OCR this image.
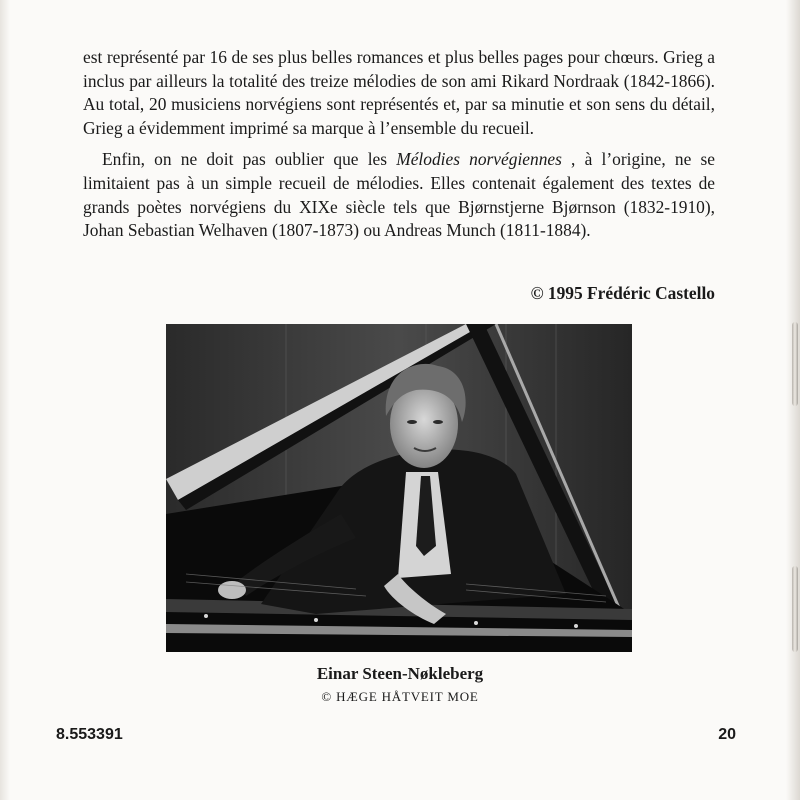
est représenté par 16 de ses plus belles romances et plus belles pages pour chœurs. Grieg a inclus par ailleurs la totalité des treize mélodies de son ami Rikard Nordraak (1842-1866). Au total, 20 musiciens norvégiens sont représentés et, par sa minutie et son sens du détail, Grieg a évidemment imprimé sa marque à l’ensemble du recueil.

Enfin, on ne doit pas oublier que les Mélodies norvégiennes , à l’origine, ne se limitaient pas à un simple recueil de mélodies. Elles contenait également des textes de grands poètes norvégiens du XIXe siècle tels que Bjørnstjerne Bjørnson (1832-1910), Johan Sebastian Welhaven (1807-1873) ou Andreas Munch (1811-1884).

© 1995 Frédéric Castello
Einar Steen-Nøkleberg
© HÆGE HÅTVEIT MOE
8.553391	20
